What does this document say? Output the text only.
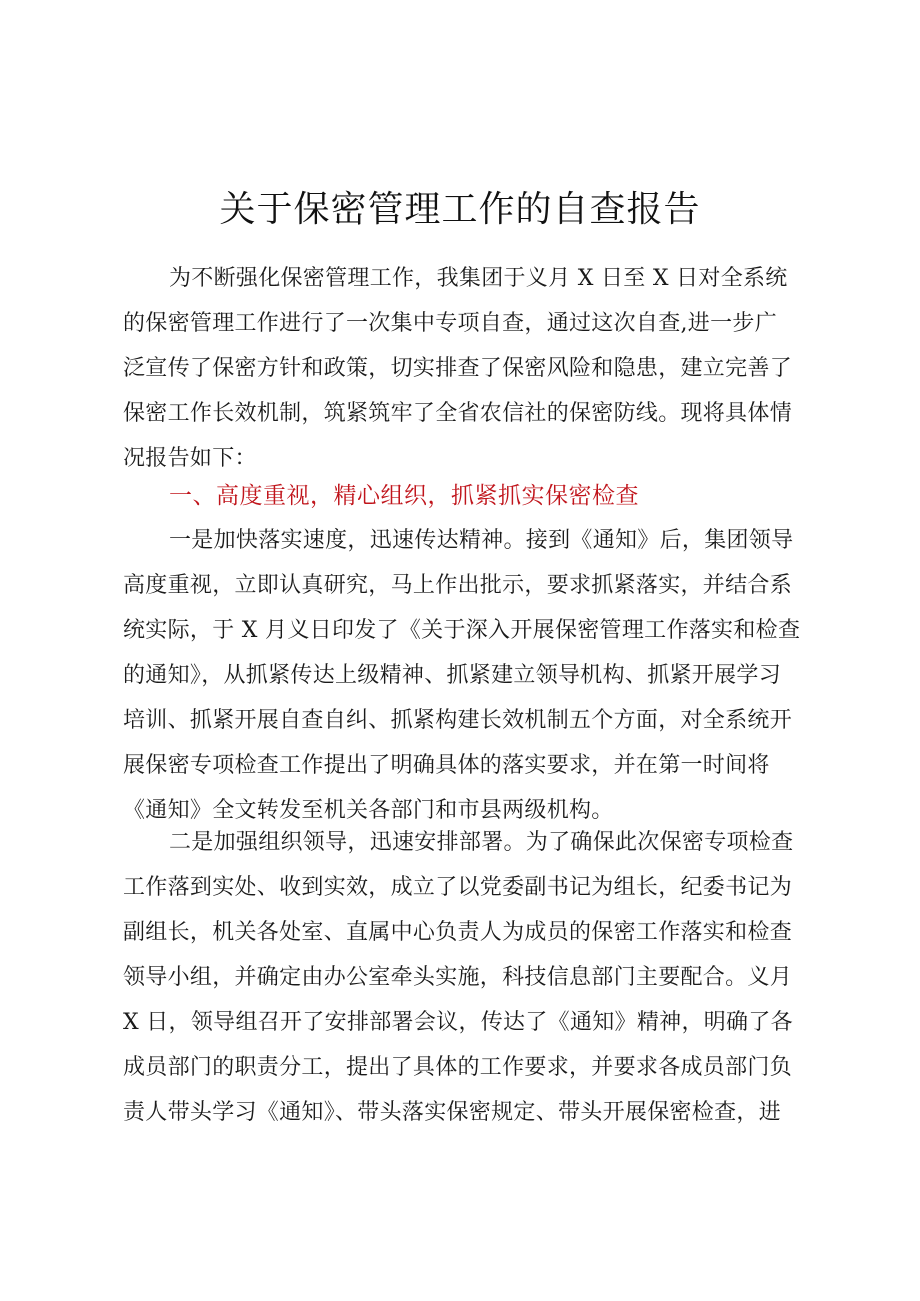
关于保密管理工作的自查报告
为不断强化保密管理工作，我集团于义月 X 日至 X 日对全系统
的保密管理工作进行了一次集中专项自查，通过这次自查,进一步广
泛宣传了保密方针和政策，切实排查了保密风险和隐患，建立完善了
保密工作长效机制，筑紧筑牢了全省农信社的保密防线。现将具体情
况报告如下：
一、高度重视，精心组织，抓紧抓实保密检查
一是加快落实速度，迅速传达精神。接到《通知》后，集团领导
高度重视，立即认真研究，马上作出批示，要求抓紧落实，并结合系
统实际，于 X 月义日印发了《关于深入开展保密管理工作落实和检查
的通知》，从抓紧传达上级精神、抓紧建立领导机构、抓紧开展学习
培训、抓紧开展自查自纠、抓紧构建长效机制五个方面，对全系统开
展保密专项检查工作提出了明确具体的落实要求，并在第一时间将
《通知》全文转发至机关各部门和市县两级机构。
二是加强组织领导，迅速安排部署。为了确保此次保密专项检查
工作落到实处、收到实效，成立了以党委副书记为组长，纪委书记为
副组长，机关各处室、直属中心负责人为成员的保密工作落实和检查
领导小组，并确定由办公室牵头实施，科技信息部门主要配合。义月
X 日，领导组召开了安排部署会议，传达了《通知》精神，明确了各
成员部门的职责分工，提出了具体的工作要求，并要求各成员部门负
责人带头学习《通知》、带头落实保密规定、带头开展保密检查，进
